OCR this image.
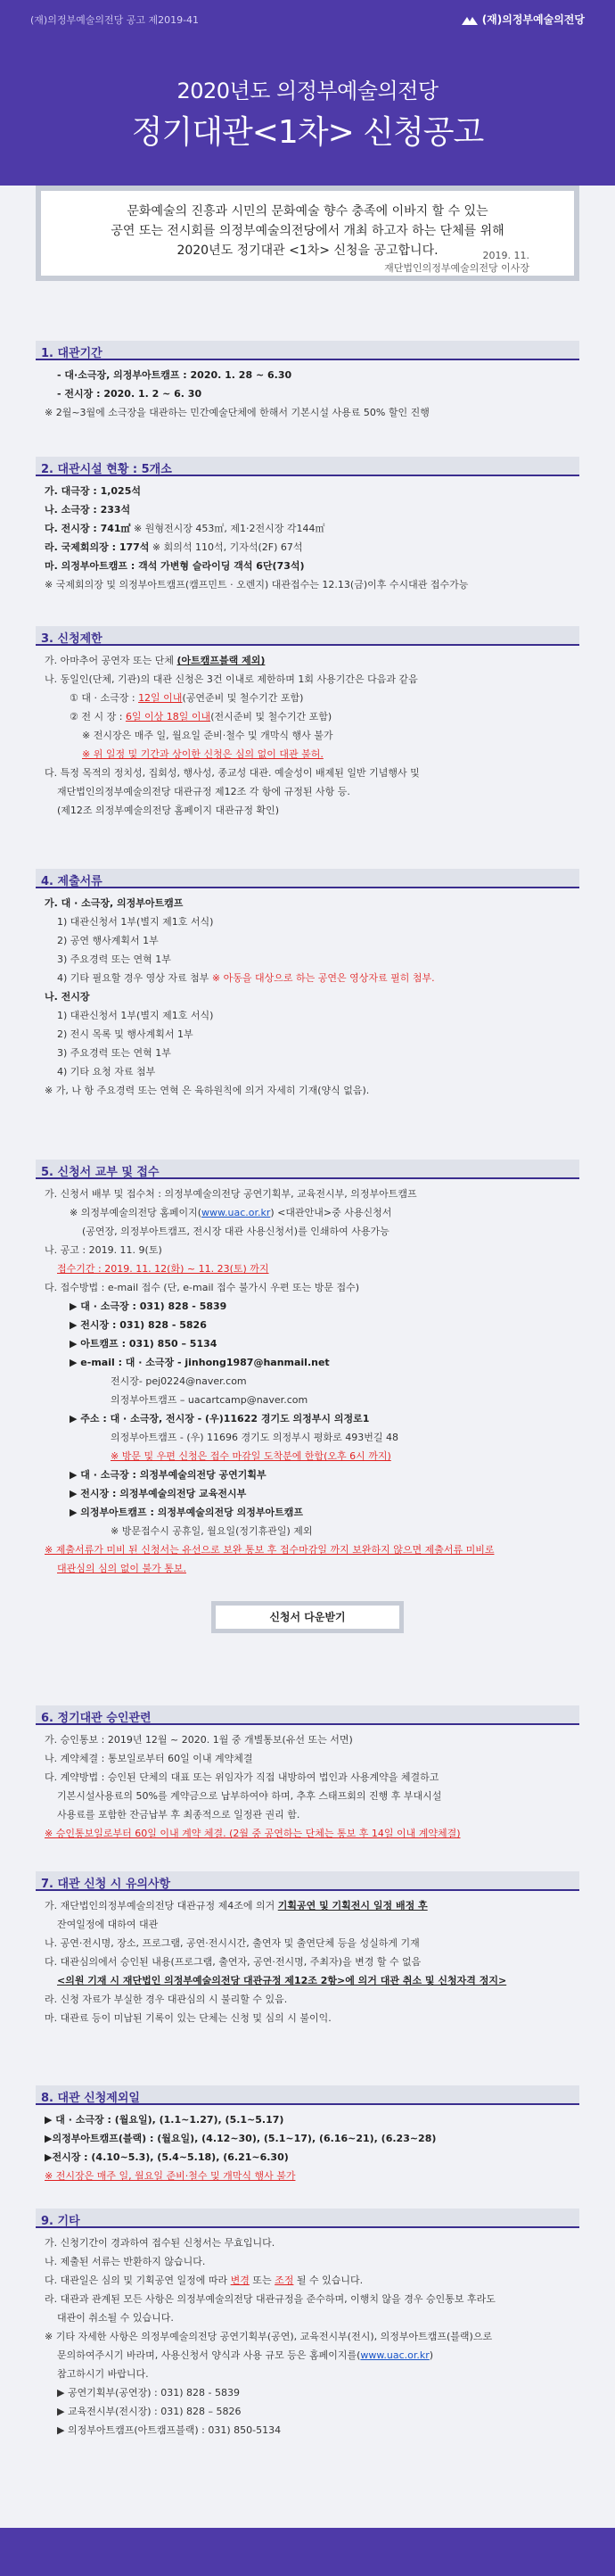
(재)의정부예술의전당 공고 제2019-41	(재)의정부예술의전당
2020년도 의정부예술의전당
정기대관<1차> 신청공고

문화예술의 진흥과 시민의 문화예술 향수 충족에 이바지 할 수 있는

공연 또는 전시회를 의정부예술의전당에서 개최 하고자 하는 단체를 위해

2020년도 정기대관 <1차> 신청을 공고합니다.	2019. 11.
재단법인의정부예술의전당 이사장
1. 대관기간

- 대·소극장, 의정부아트캠프 : 2020. 1. 28 ~ 6.30

- 전시장 : 2020. 1. 2 ~ 6. 30

※ 2월~3월에 소극장을 대관하는 민간예술단체에 한해서 기본시설 사용료 50% 할인 진행

2. 대관시설 현황 : 5개소

가. 대극장 : 1,025석

나. 소극장 : 233석

다. 전시장 : 741㎡ ※ 원형전시장 453㎡, 제1·2전시장 각144㎡

라. 국제회의장 : 177석 ※ 회의석 110석, 기자석(2F) 67석

마. 의정부아트캠프 : 객석 가변형 슬라이딩 객석 6단(73석)

※ 국제회의장 및 의정부아트캠프(캠프민트 · 오렌지) 대관접수는 12.13(금)이후 수시대관 접수가능

3. 신청제한

가. 아마추어 공연자 또는 단체 (아트캠프블랙 제외)

나. 동일인(단체, 기관)의 대관 신청은 3건 이내로 제한하며 1회 사용기간은 다음과 같음

① 대 · 소극장 : 12일 이내(공연준비 및 철수기간 포함)

② 전 시 장 : 6일 이상 18일 이내(전시준비 및 철수기간 포함)

※ 전시장은 매주 일, 월요일 준비·철수 및 개막식 행사 불가

※ 위 일정 및 기간과 상이한 신청은 심의 없이 대관 불허.

다. 특정 목적의 정치성, 집회성, 행사성, 종교성 대관. 예술성이 배제된 일반 기념행사 및

재단법인의정부예술의전당 대관규정 제12조 각 항에 규정된 사항 등.

(제12조 의정부예술의전당 홈페이지 대관규정 확인)

4. 제출서류

가. 대 · 소극장, 의정부아트캠프

1) 대관신청서 1부(별지 제1호 서식)

2) 공연 행사계획서 1부

3) 주요경력 또는 연혁 1부

4) 기타 필요할 경우 영상 자료 첨부 ※ 아동을 대상으로 하는 공연은 영상자료 필히 첨부.

나. 전시장

1) 대관신청서 1부(별지 제1호 서식)

2) 전시 목록 및 행사계획서 1부

3) 주요경력 또는 연혁 1부

4) 기타 요청 자료 첨부

※ 가, 나 항 주요경력 또는 연혁 은 육하원칙에 의거 자세히 기재(양식 없음).

5. 신청서 교부 및 접수

가. 신청서 배부 및 접수처 : 의정부예술의전당 공연기획부, 교육전시부, 의정부아트캠프

※ 의정부예술의전당 홈페이지(www.uac.or.kr) <대관안내>중 사용신청서

(공연장, 의정부아트캠프, 전시장 대관 사용신청서)를 인쇄하여 사용가능

나. 공고 : 2019. 11. 9(토)

접수기간 : 2019. 11. 12(화) ~ 11. 23(토) 까지

다. 접수방법 : e-mail 접수 (단, e-mail 접수 불가시 우편 또는 방문 접수)

▶ 대 · 소극장 : 031) 828 - 5839

▶ 전시장 : 031) 828 - 5826

▶ 아트캠프 : 031) 850 – 5134

▶ e-mail : 대 · 소극장 - jinhong1987@hanmail.net

전시장- pej0224@naver.com

의정부아트캠프 – uacartcamp@naver.com

▶ 주소 : 대 · 소극장, 전시장 - (우)11622 경기도 의정부시 의정로1

의정부아트캠프 - (우) 11696 경기도 의정부시 평화로 493번길 48

※ 방문 및 우편 신청은 접수 마감일 도착분에 한함(오후 6시 까지)

▶ 대 · 소극장 : 의정부예술의전당 공연기획부

▶ 전시장 : 의정부예술의전당 교육전시부

▶ 의정부아트캠프 : 의정부예술의전당 의정부아트캠프

※ 방문접수시 공휴일, 월요일(정기휴관일) 제외

※ 제출서류가 미비 된 신청서는 유선으로 보완 통보 후 접수마감일 까지 보완하지 않으면 제출서류 미비로

대관심의 심의 없이 불가 통보.

신청서 다운받기
6. 정기대관 승인관련

가. 승인통보 : 2019년 12월 ~ 2020. 1월 중 개별통보(유선 또는 서면)

나. 계약체결 : 통보일로부터 60일 이내 계약체결

다. 계약방법 : 승인된 단체의 대표 또는 위임자가 직접 내방하여 법인과 사용계약을 체결하고

기본시설사용료의 50%를 계약금으로 납부하여야 하며, 추후 스태프회의 진행 후 부대시설

사용료를 포함한 잔금납부 후 최종적으로 일정관 권리 함.

※ 승인통보일로부터 60일 이내 계약 체결. (2월 중 공연하는 단체는 통보 후 14일 이내 계약체결)

7. 대관 신청 시 유의사항

가. 재단법인의정부예술의전당 대관규정 제4조에 의거 기획공연 및 기획전시 일정 배정 후

잔여일정에 대하여 대관

나. 공연·전시명, 장소, 프로그램, 공연·전시시간, 출연자 및 출연단체 등을 성실하게 기재

다. 대관심의에서 승인된 내용(프로그램, 출연자, 공연·전시명, 주최자)을 변경 할 수 없음

<의원 기재 시 재단법인 의정부예술의전당 대관규정 제12조 2항>에 의거 대관 취소 및 신청자격 정지>

라. 신청 자료가 부실한 경우 대관심의 시 불리할 수 있음.

마. 대관료 등이 미납된 기록이 있는 단체는 신청 및 심의 시 불이익.

8. 대관 신청제외일

▶ 대 · 소극장 : (월요일), (1.1~1.27), (5.1~5.17)

▶의정부아트캠프(블랙) : (월요일), (4.12~30), (5.1~17), (6.16~21), (6.23~28)

▶전시장 : (4.10~5.3), (5.4~5.18), (6.21~6.30)

※ 전시장은 매주 일, 월요일 준비·철수 및 개막식 행사 불가

9. 기타

가. 신청기간이 경과하여 접수된 신청서는 무효입니다.

나. 제출된 서류는 반환하지 않습니다.

다. 대관일은 심의 및 기획공연 일정에 따라 변경 또는 조정 될 수 있습니다.

라. 대관과 관계된 모든 사항은 의정부예술의전당 대관규정을 준수하며, 이행치 않을 경우 승인통보 후라도

대관이 취소될 수 있습니다.

※ 기타 자세한 사항은 의정부예술의전당 공연기획부(공연), 교육전시부(전시), 의정부아트캠프(블랙)으로

문의하여주시기 바라며, 사용신청서 양식과 사용 규모 등은 홈페이지를(www.uac.or.kr)

참고하시기 바랍니다.

▶ 공연기획부(공연장) : 031) 828 - 5839

▶ 교육전시부(전시장) : 031) 828 – 5826

▶ 의정부아트캠프(아트캠프블랙) : 031) 850-5134
